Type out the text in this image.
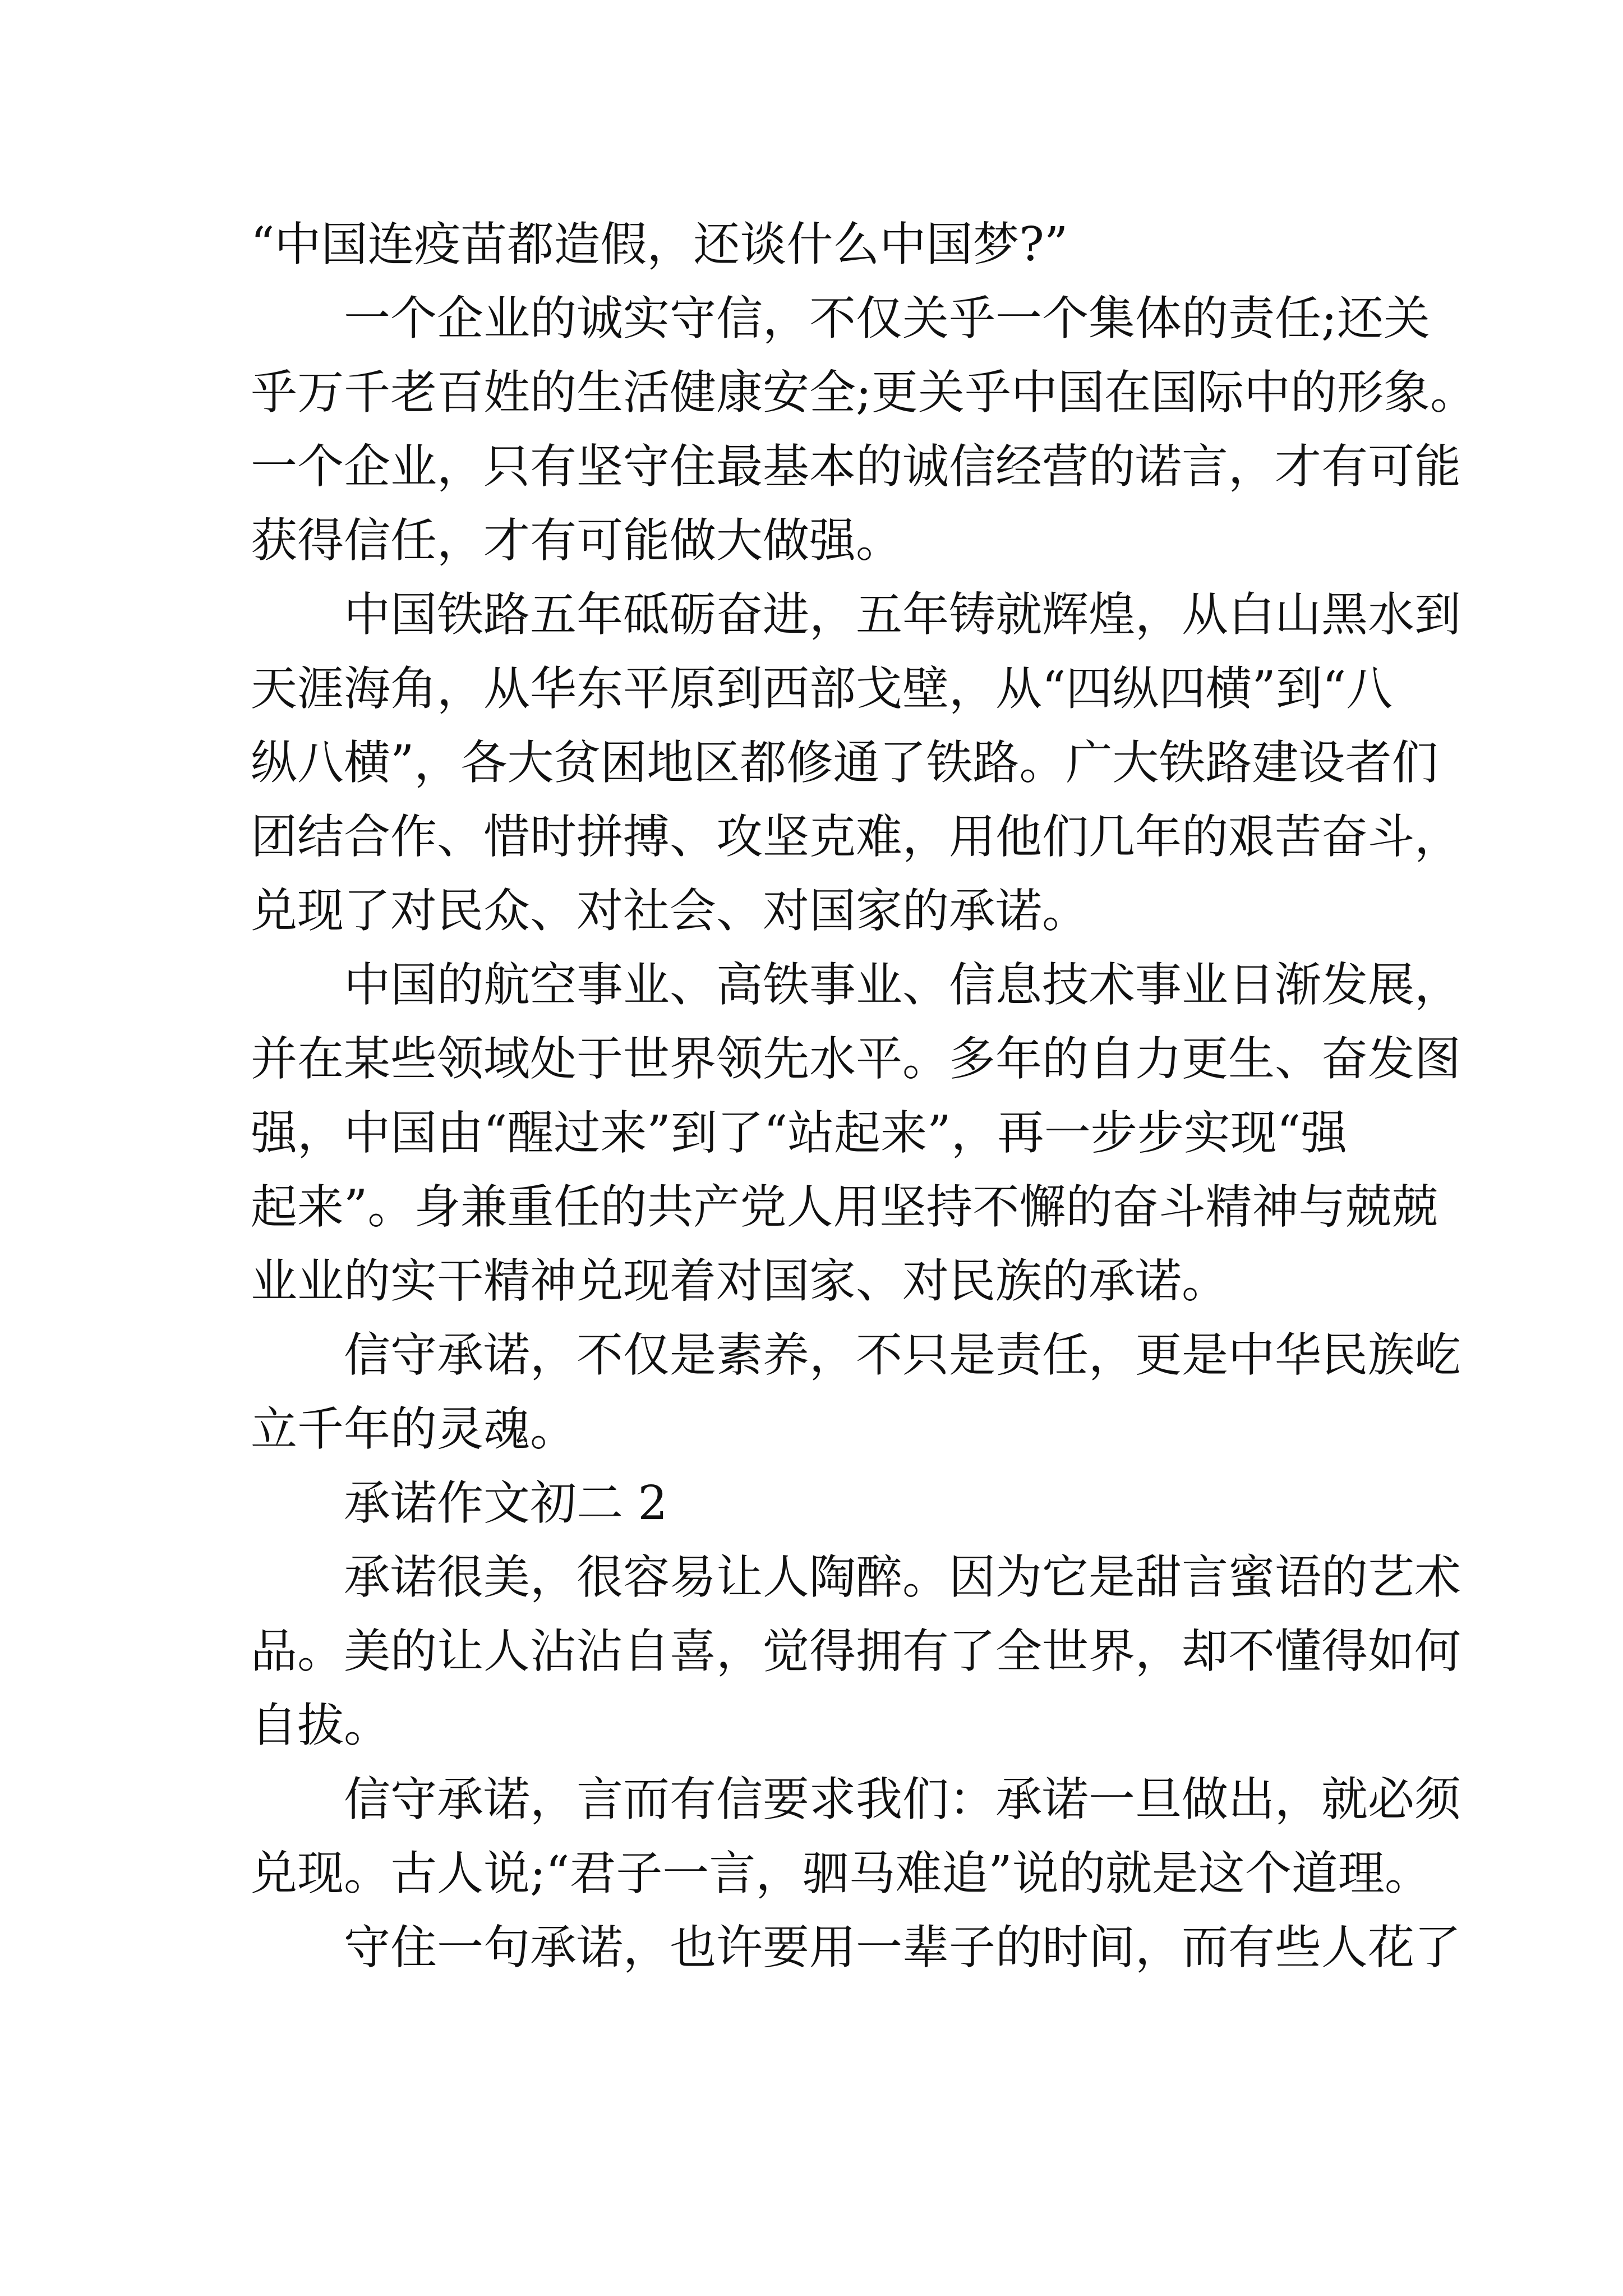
“中国连疫苗都造假，还谈什么中国梦?”
一个企业的诚实守信，不仅关乎一个集体的责任;还关
乎万千老百姓的生活健康安全;更关乎中国在国际中的形象。
一个企业，只有坚守住最基本的诚信经营的诺言，才有可能
获得信任，才有可能做大做强。
中国铁路五年砥砺奋进，五年铸就辉煌，从白山黑水到
天涯海角，从华东平原到西部戈壁，从“四纵四横”到“八
纵八横”，各大贫困地区都修通了铁路。广大铁路建设者们
团结合作、惜时拼搏、攻坚克难，用他们几年的艰苦奋斗，
兑现了对民众、对社会、对国家的承诺。
中国的航空事业、高铁事业、信息技术事业日渐发展，
并在某些领域处于世界领先水平。多年的自力更生、奋发图
强，中国由“醒过来”到了“站起来”，再一步步实现“强
起来”。身兼重任的共产党人用坚持不懈的奋斗精神与兢兢
业业的实干精神兑现着对国家、对民族的承诺。
信守承诺，不仅是素养，不只是责任，更是中华民族屹
立千年的灵魂。
承诺作文初二 2
承诺很美，很容易让人陶醉。因为它是甜言蜜语的艺术
品。美的让人沾沾自喜，觉得拥有了全世界，却不懂得如何
自拔。
信守承诺，言而有信要求我们：承诺一旦做出，就必须
兑现。古人说;“君子一言，驷马难追”说的就是这个道理。
守住一句承诺，也许要用一辈子的时间，而有些人花了
